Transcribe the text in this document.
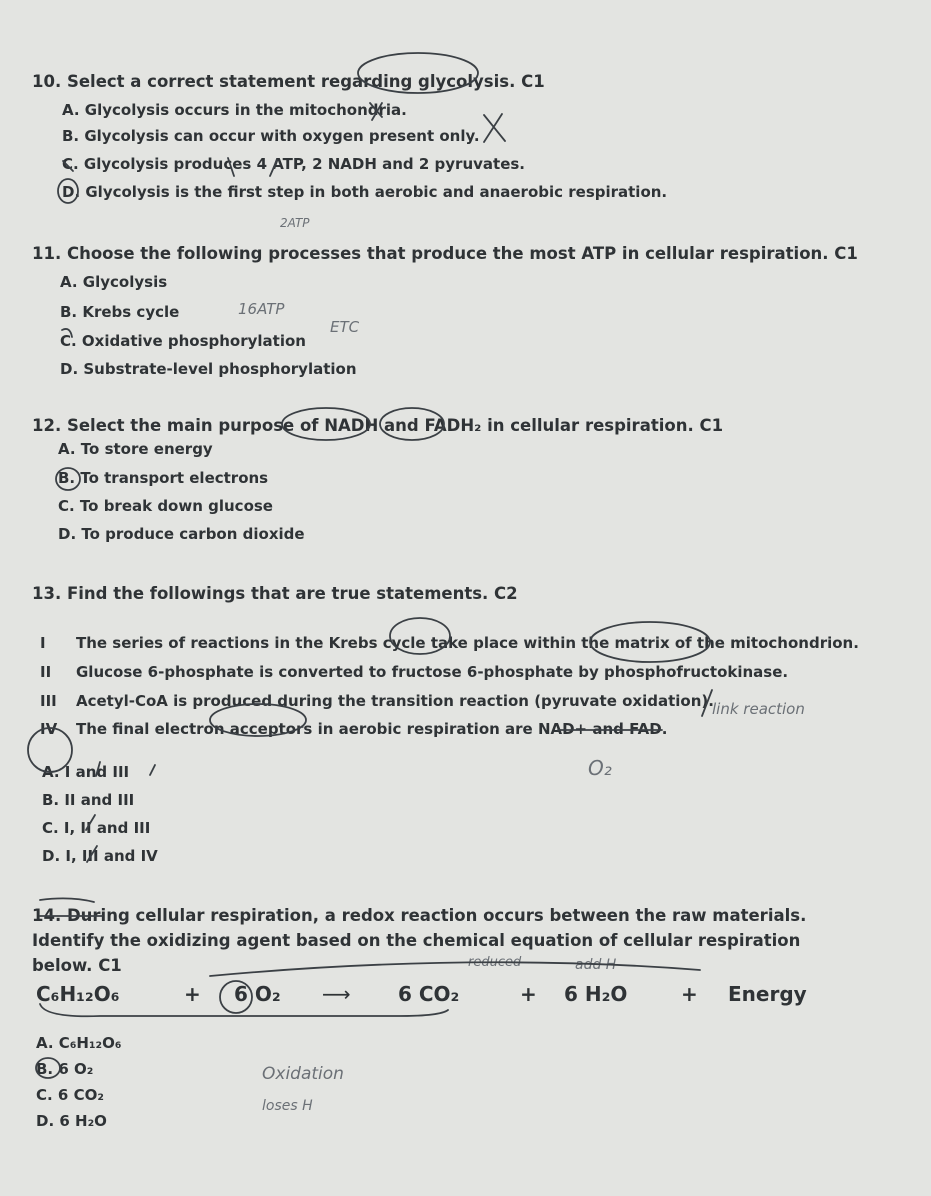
10. Select a correct statement regarding glycolysis. C1
A. Glycolysis occurs in the mitochondria.
B. Glycolysis can occur with oxygen present only.
C. Glycolysis produces 4 ATP, 2 NADH and 2 pyruvates.
D. Glycolysis is the first step in both aerobic and anaerobic respiration.
11. Choose the following processes that produce the most ATP in cellular respiration. C1
A. Glycolysis
B. Krebs cycle
C. Oxidative phosphorylation
D. Substrate-level phosphorylation
12. Select the main purpose of NADH and FADH₂ in cellular respiration. C1
A. To store energy
B. To transport electrons
C. To break down glucose
D. To produce carbon dioxide
13. Find the followings that are true statements. C2
I The series of reactions in the Krebs cycle take place within the matrix of the mitochondrion.
II Glucose 6-phosphate is converted to fructose 6-phosphate by phosphofructokinase.
III Acetyl-CoA is produced during the transition reaction (pyruvate oxidation).
IV The final electron acceptors in aerobic respiration are NAD+ and FAD.
A. I and III
B. II and III
C. I, II and III
D. I, III and IV
14. During cellular respiration, a redox reaction occurs between the raw materials. Identify the oxidizing agent based on the chemical equation of cellular respiration below. C1
C₆H₁₂O₆	+ 6 O₂ ⟶ 6 CO₂	+ 6 H₂O	+ Energy
A. C₆H₁₂O₆
B. 6 O₂
C. 6 CO₂
D. 6 H₂O
2ATP
16ATP
ETC
link reaction
O₂
reduced	add H
Oxidation
loses H
